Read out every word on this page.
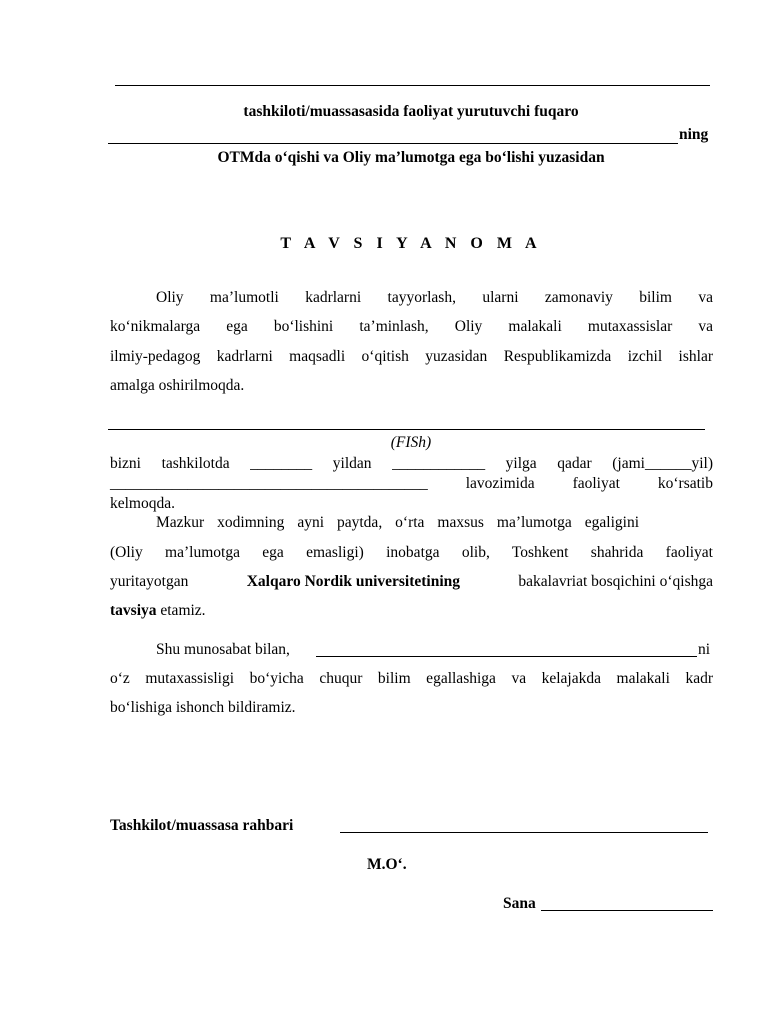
tashkiloti/muassasasida faoliyat yurutuvchi fuqaro
ning
OTMda o‘qishi va Oliy ma’lumotga ega bo‘lishi yuzasidan
T A V S I Y A N O M A
Oliy ma’lumotli kadrlarni tayyorlash, ularni zamonaviy bilim va
ko‘nikmalarga ega bo‘lishini ta’minlash, Oliy malakali mutaxassislar va
ilmiy-pedagog kadrlarni maqsadli o‘qitish yuzasidan Respublikamizda izchil ishlar
amalga oshirilmoqda.
(FISh)
bizni tashkilotda ________ yildan ____________ yilga qadar (jami______yil)
_________________________________________ lavozimida faoliyat ko‘rsatib
kelmoqda.
Mazkur xodimning ayni paytda, o‘rta maxsus ma’lumotga egaligini
(Oliy ma’lumotga ega emasligi) inobatga olib, Toshkent shahrida faoliyat
yuritayotgan	Xalqaro Nordik universitetining	bakalavriat bosqichini o‘qishga
tavsiya etamiz.
Shu munosabat bilan,	ni
o‘z mutaxassisligi bo‘yicha chuqur bilim egallashiga va kelajakda malakali kadr
bo‘lishiga ishonch bildiramiz.
Tashkilot/muassasa rahbari
M.O‘.
Sana
